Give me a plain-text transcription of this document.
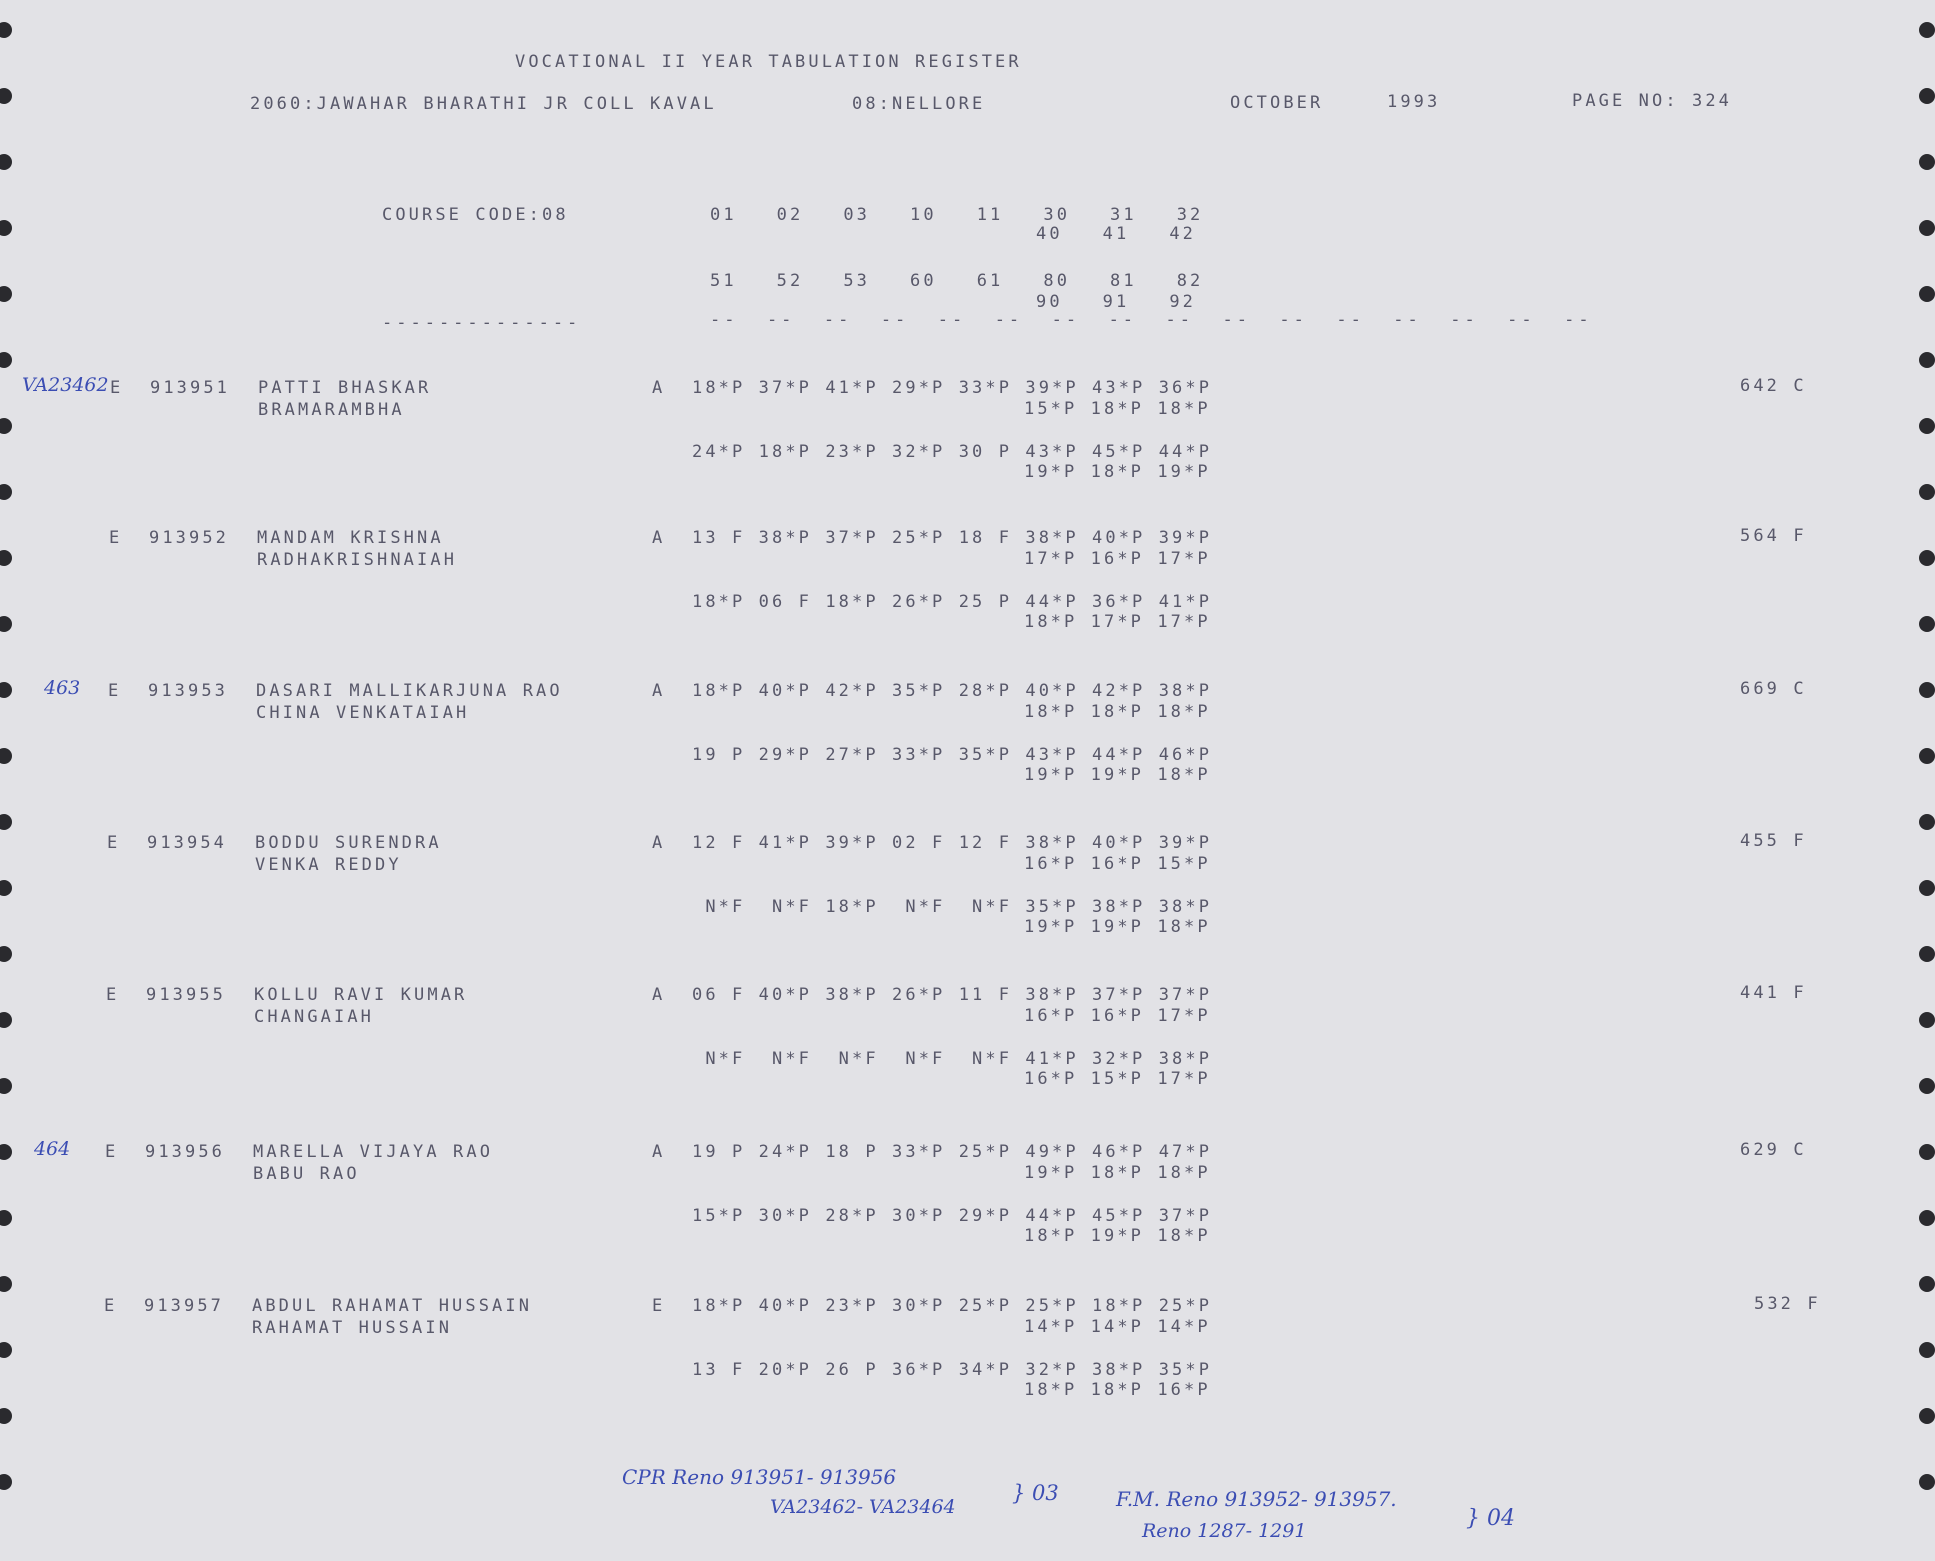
VOCATIONAL II YEAR TABULATION REGISTER
2060:JAWAHAR BHARATHI JR COLL KAVAL	08:NELLORE	OCTOBER	1993	PAGE NO: 324
COURSE CODE:08	01   02   03   10   11   30   31   32
40   41   42
51   52   53   60   61   80   81   82
90   91   92
--------------	--  --  --  --  --  --  --  --  --  --  --  --  --  --  --  --
VA23462 E 913951 PATTI BHASKAR
BRAMARAMBHA
A 18*P 37*P 41*P 29*P 33*P 39*P 43*P 36*P
15*P 18*P 18*P
24*P 18*P 23*P 32*P 30 P 43*P 45*P 44*P
19*P 18*P 19*P
642 C
E 913952 MANDAM KRISHNA
RADHAKRISHNAIAH
A 13 F 38*P 37*P 25*P 18 F 38*P 40*P 39*P
17*P 16*P 17*P
18*P 06 F 18*P 26*P 25 P 44*P 36*P 41*P
18*P 17*P 17*P
564 F
463 E 913953 DASARI MALLIKARJUNA RAO
CHINA VENKATAIAH
A 18*P 40*P 42*P 35*P 28*P 40*P 42*P 38*P
18*P 18*P 18*P
19 P 29*P 27*P 33*P 35*P 43*P 44*P 46*P
19*P 19*P 18*P
669 C
E 913954 BODDU SURENDRA
VENKA REDDY
A 12 F 41*P 39*P 02 F 12 F 38*P 40*P 39*P
16*P 16*P 15*P
N*F  N*F 18*P  N*F  N*F 35*P 38*P 38*P
19*P 19*P 18*P
455 F
E 913955 KOLLU RAVI KUMAR
CHANGAIAH
A 06 F 40*P 38*P 26*P 11 F 38*P 37*P 37*P
16*P 16*P 17*P
N*F  N*F  N*F  N*F  N*F 41*P 32*P 38*P
16*P 15*P 17*P
441 F
464 E 913956 MARELLA VIJAYA RAO
BABU RAO
A 19 P 24*P 18 P 33*P 25*P 49*P 46*P 47*P
19*P 18*P 18*P
15*P 30*P 28*P 30*P 29*P 44*P 45*P 37*P
18*P 19*P 18*P
629 C
E 913957 ABDUL RAHAMAT HUSSAIN
RAHAMAT HUSSAIN
E 18*P 40*P 23*P 30*P 25*P 25*P 18*P 25*P
14*P 14*P 14*P
13 F 20*P 26 P 36*P 34*P 32*P 38*P 35*P
18*P 18*P 16*P
532 F
CPR Reno 913951- 913956
VA23462- VA23464
} 03	F.M. Reno 913952- 913957.
Reno 1287- 1291	} 04
